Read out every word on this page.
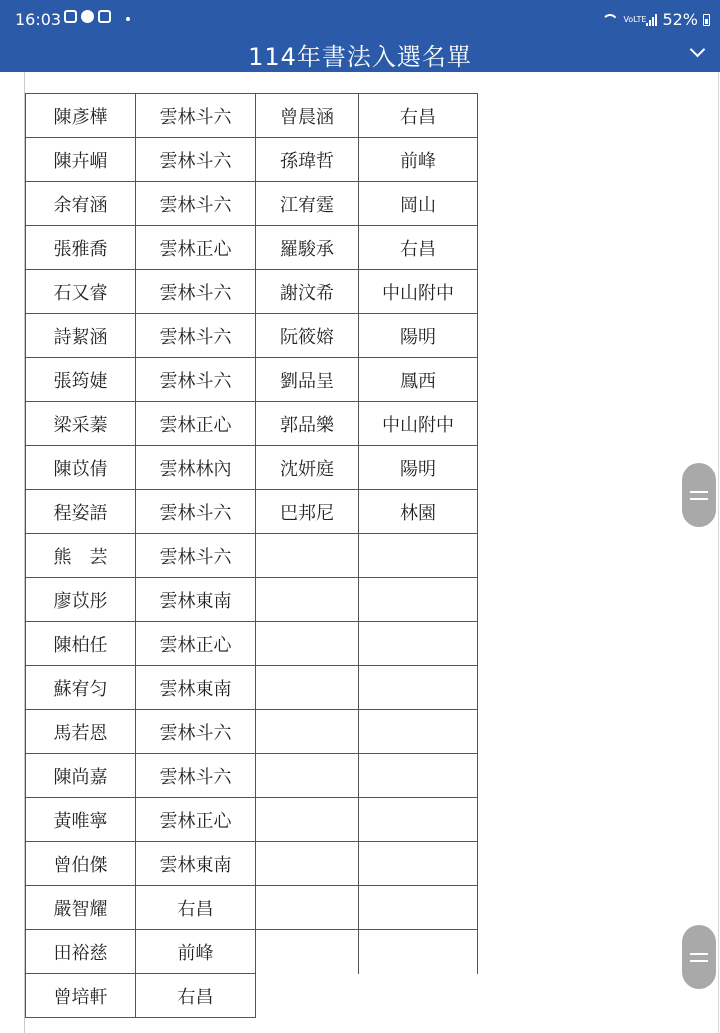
16:03	VoLTE 52%
114年書法入選名單
陳彥樺	雲林斗六	曾晨涵	右昌
陳卉嵋	雲林斗六	孫瑋哲	前峰
余宥涵	雲林斗六	江宥霆	岡山
張雅喬	雲林正心	羅駿承	右昌
石又睿	雲林斗六	謝汶希	中山附中
詩絜涵	雲林斗六	阮筱嫆	陽明
張筠婕	雲林斗六	劉品呈	鳳西
梁采蓁	雲林正心	郭品樂	中山附中
陳苡倩	雲林林內	沈妍庭	陽明
程姿語	雲林斗六	巴邦尼	林園
熊　芸	雲林斗六		
廖苡彤	雲林東南		
陳柏任	雲林正心		
蘇宥匀	雲林東南		
馬若恩	雲林斗六		
陳尚嘉	雲林斗六		
黃唯寧	雲林正心		
曾伯傑	雲林東南		
嚴智耀	右昌		
田裕慈	前峰		
曾培軒	右昌		
